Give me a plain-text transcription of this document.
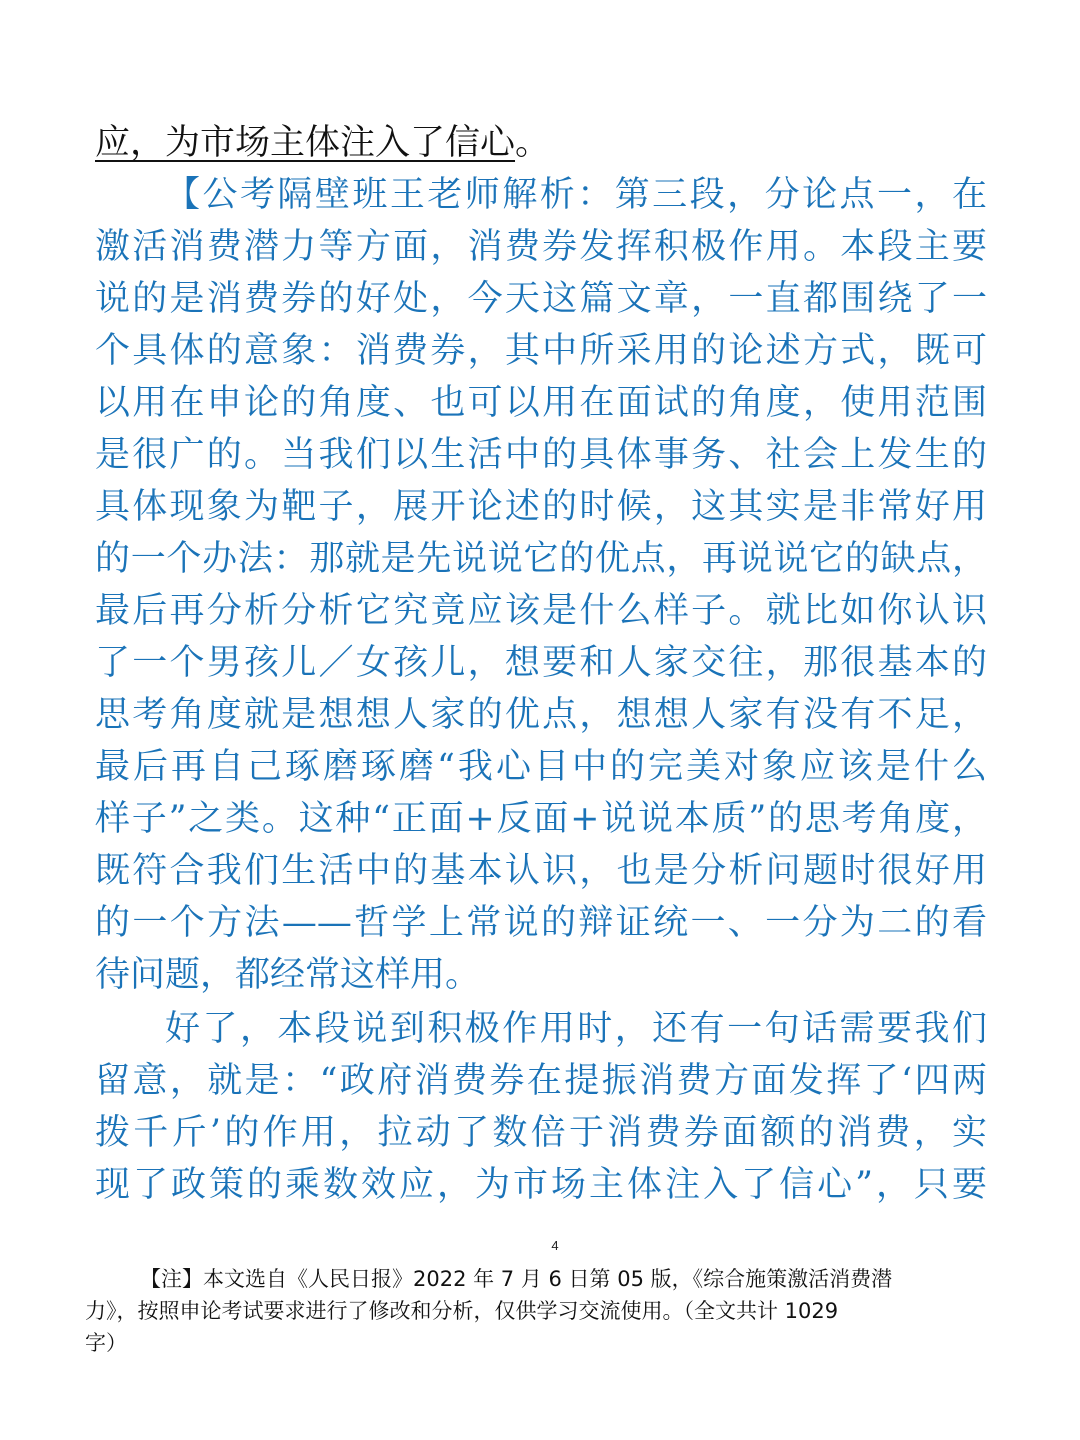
应，为市场主体注入了信心。
【公考隔壁班王老师解析：第三段，分论点一，在
激活消费潜力等方面，消费券发挥积极作用。本段主要
说的是消费券的好处，今天这篇文章，一直都围绕了一
个具体的意象：消费券，其中所采用的论述方式，既可
以用在申论的角度、也可以用在面试的角度，使用范围
是很广的。当我们以生活中的具体事务、社会上发生的
具体现象为靶子，展开论述的时候，这其实是非常好用
的一个办法：那就是先说说它的优点，再说说它的缺点，
最后再分析分析它究竟应该是什么样子。就比如你认识
了一个男孩儿／女孩儿，想要和人家交往，那很基本的
思考角度就是想想人家的优点，想想人家有没有不足，
最后再自己琢磨琢磨“我心目中的完美对象应该是什么
样子”之类。这种“正面+反面+说说本质”的思考角度，
既符合我们生活中的基本认识，也是分析问题时很好用
的一个方法——哲学上常说的辩证统一、一分为二的看
待问题，都经常这样用。
好了，本段说到积极作用时，还有一句话需要我们
留意，就是：“政府消费券在提振消费方面发挥了‘四两
拨千斤’的作用，拉动了数倍于消费券面额的消费，实
现了政策的乘数效应，为市场主体注入了信心”，只要
4
【注】本文选自《人民日报》2022 年 7 月 6 日第 05 版，《综合施策激活消费潜
力》，按照申论考试要求进行了修改和分析，仅供学习交流使用。（全文共计 1029
字）
